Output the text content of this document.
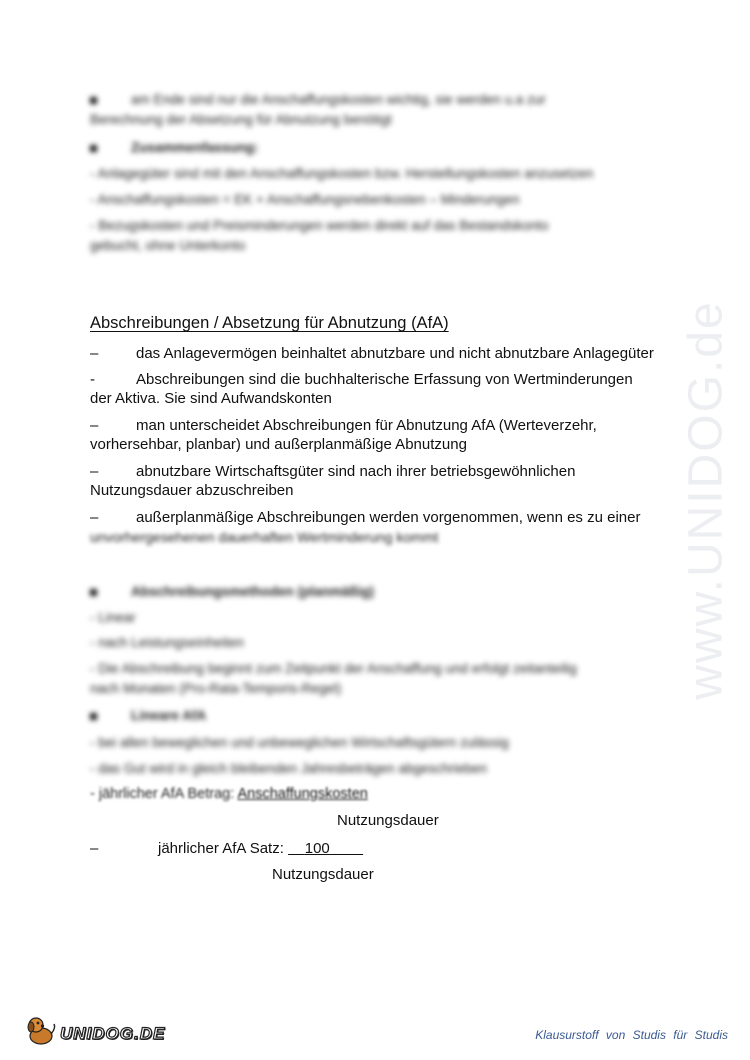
www.UNIDOG.de
am Ende sind nur die Anschaffungskosten wichtig, sie werden u.a zur
Berechnung der Absetzung für Abnutzung benötigt
Zusammenfassung:
- Anlagegüter sind mit den Anschaffungskosten bzw. Herstellungskosten anzusetzen
- Anschaffungskosten = EK + Anschaffungsnebenkosten – Minderungen
- Bezugskosten und Preisminderungen werden direkt auf das Bestandskonto
gebucht, ohne Unterkonto
Abschreibungen / Absetzung für Abnutzung (AfA)
–	das Anlagevermögen beinhaltet abnutzbare und nicht abnutzbare Anlagegüter
-	Abschreibungen sind die buchhalterische Erfassung von Wertminderungen
der Aktiva. Sie sind Aufwandskonten
–	man unterscheidet Abschreibungen für Abnutzung AfA (Werteverzehr,
vorhersehbar, planbar) und außerplanmäßige Abnutzung
–	abnutzbare Wirtschaftsgüter sind nach ihrer betriebsgewöhnlichen
Nutzungsdauer abzuschreiben
–	außerplanmäßige Abschreibungen werden vorgenommen, wenn es zu einer
unvorhergesehenen dauerhaften Wertminderung kommt
Abschreibungsmethoden (planmäßig)
- Linear
- nach Leistungseinheiten
- Die Abschreibung beginnt zum Zeitpunkt der Anschaffung und erfolgt zeitanteilig
nach Monaten (Pro-Rata-Temporis-Regel)
Lineare AfA
- bei allen beweglichen und unbeweglichen Wirtschaftsgütern zulässig
- das Gut wird in gleich bleibenden Jahresbeträgen abgeschrieben
- jährlicher AfA Betrag: Anschaffungskosten
Nutzungsdauer
–	jährlicher AfA Satz:     100
Nutzungsdauer
UNIDOG.DE	Klausurstoff von Studis für Studis
